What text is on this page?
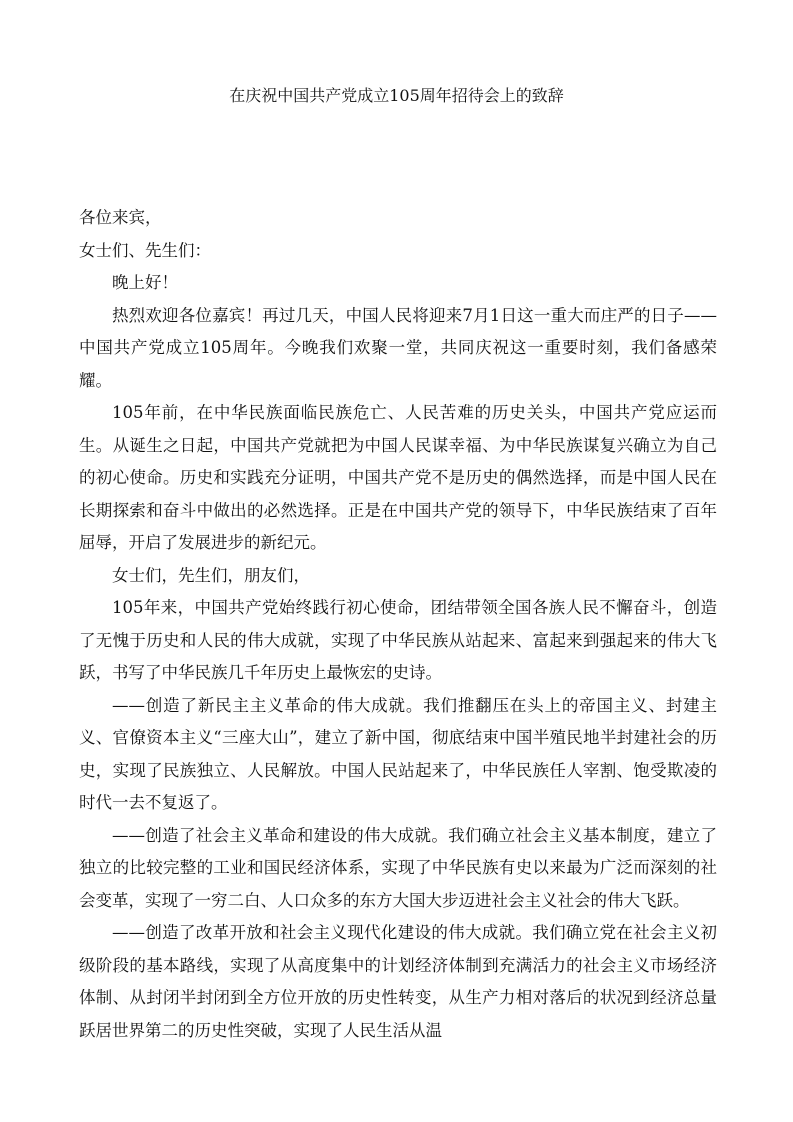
在庆祝中国共产党成立105周年招待会上的致辞

各位来宾，

女士们、先生们：

晚上好！

热烈欢迎各位嘉宾！再过几天，中国人民将迎来7月1日这一重大而庄严的日子——中国共产党成立105周年。今晚我们欢聚一堂，共同庆祝这一重要时刻，我们备感荣耀。

105年前，在中华民族面临民族危亡、人民苦难的历史关头，中国共产党应运而生。从诞生之日起，中国共产党就把为中国人民谋幸福、为中华民族谋复兴确立为自己的初心使命。历史和实践充分证明，中国共产党不是历史的偶然选择，而是中国人民在长期探索和奋斗中做出的必然选择。正是在中国共产党的领导下，中华民族结束了百年屈辱，开启了发展进步的新纪元。

女士们，先生们，朋友们，

105年来，中国共产党始终践行初心使命，团结带领全国各族人民不懈奋斗，创造了无愧于历史和人民的伟大成就，实现了中华民族从站起来、富起来到强起来的伟大飞跃，书写了中华民族几千年历史上最恢宏的史诗。

——创造了新民主主义革命的伟大成就。我们推翻压在头上的帝国主义、封建主义、官僚资本主义“三座大山”，建立了新中国，彻底结束中国半殖民地半封建社会的历史，实现了民族独立、人民解放。中国人民站起来了，中华民族任人宰割、饱受欺凌的时代一去不复返了。

——创造了社会主义革命和建设的伟大成就。我们确立社会主义基本制度，建立了独立的比较完整的工业和国民经济体系，实现了中华民族有史以来最为广泛而深刻的社会变革，实现了一穷二白、人口众多的东方大国大步迈进社会主义社会的伟大飞跃。

——创造了改革开放和社会主义现代化建设的伟大成就。我们确立党在社会主义初级阶段的基本路线，实现了从高度集中的计划经济体制到充满活力的社会主义市场经济体制、从封闭半封闭到全方位开放的历史性转变，从生产力相对落后的状况到经济总量跃居世界第二的历史性突破，实现了人民生活从温
